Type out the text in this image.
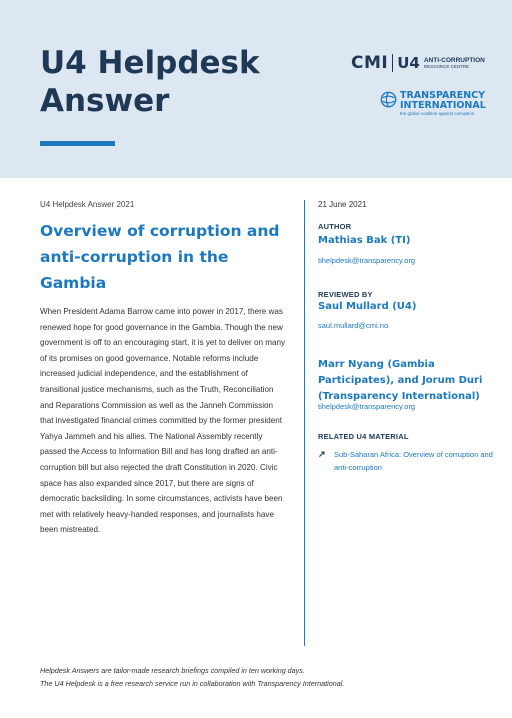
U4 Helpdesk Answer
CMI U4 ANTI-CORRUPTION
RESOURCE CENTRE
TRANSPARENCY
INTERNATIONAL
the global coalition against corruption
U4 Helpdesk Answer 2021
Overview of corruption and anti-corruption in the Gambia

When President Adama Barrow came into power in 2017, there was renewed hope for good governance in the Gambia. Though the new government is off to an encouraging start, it is yet to deliver on many of its promises on good governance. Notable reforms include increased judicial independence, and the establishment of transitional justice mechanisms, such as the Truth, Reconciliation and Reparations Commission as well as the Janneh Commission that investigated financial crimes committed by the former president Yahya Jammeh and his allies. The National Assembly recently passed the Access to Information Bill and has long drafted an anti-corruption bill but also rejected the draft Constitution in 2020. Civic space has also expanded since 2017, but there are signs of democratic backsliding. In some circumstances, activists have been met with relatively heavy-handed responses, and journalists have been mistreated.

21 June 2021
AUTHOR
Mathias Bak (TI)
tihelpdesk@transparency.org
REVIEWED BY
Saul Mullard (U4)
saul.mullard@cmi.no
Marr Nyang (Gambia Participates), and Jorum Duri (Transparency International)
tihelpdesk@transparency.org
RELATED U4 MATERIAL
↗	Sub-Saharan Africa: Overview of corruption and anti-corruption
Helpdesk Answers are tailor-made research briefings compiled in ten working days.
The U4 Helpdesk is a free research service run in collaboration with Transparency International.
